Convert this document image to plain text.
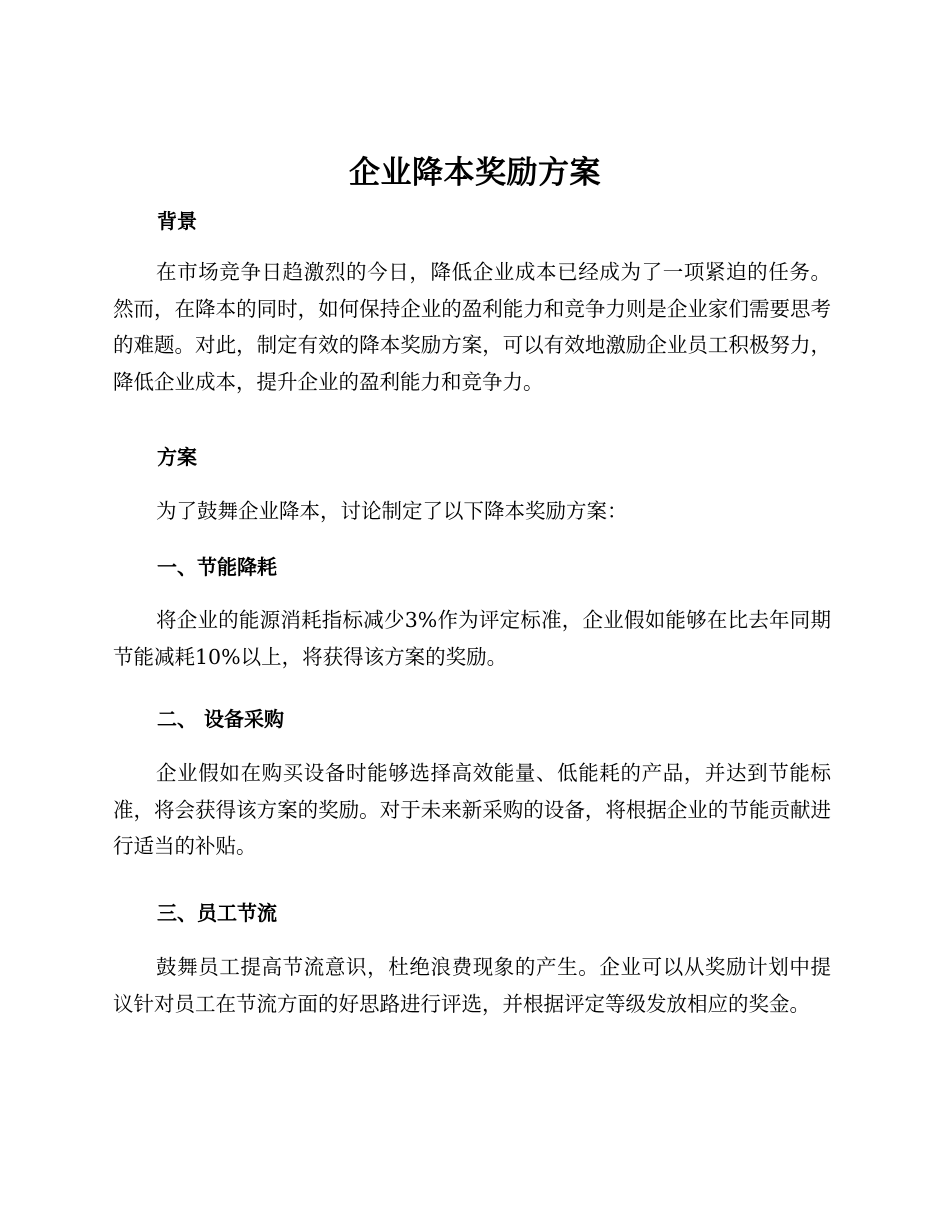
企业降本奖励方案
背景

在市场竞争日趋激烈的今日，降低企业成本已经成为了一项紧迫的任务。然而，在降本的同时，如何保持企业的盈利能力和竞争力则是企业家们需要思考的难题。对此，制定有效的降本奖励方案，可以有效地激励企业员工积极努力，降低企业成本，提升企业的盈利能力和竞争力。

方案

为了鼓舞企业降本，讨论制定了以下降本奖励方案：

一、节能降耗

将企业的能源消耗指标减少3%作为评定标准，企业假如能够在比去年同期节能减耗10%以上，将获得该方案的奖励。

二、 设备采购

企业假如在购买设备时能够选择高效能量、低能耗的产品，并达到节能标准，将会获得该方案的奖励。对于未来新采购的设备，将根据企业的节能贡献进行适当的补贴。

三、员工节流

鼓舞员工提高节流意识，杜绝浪费现象的产生。企业可以从奖励计划中提议针对员工在节流方面的好思路进行评选，并根据评定等级发放相应的奖金。
